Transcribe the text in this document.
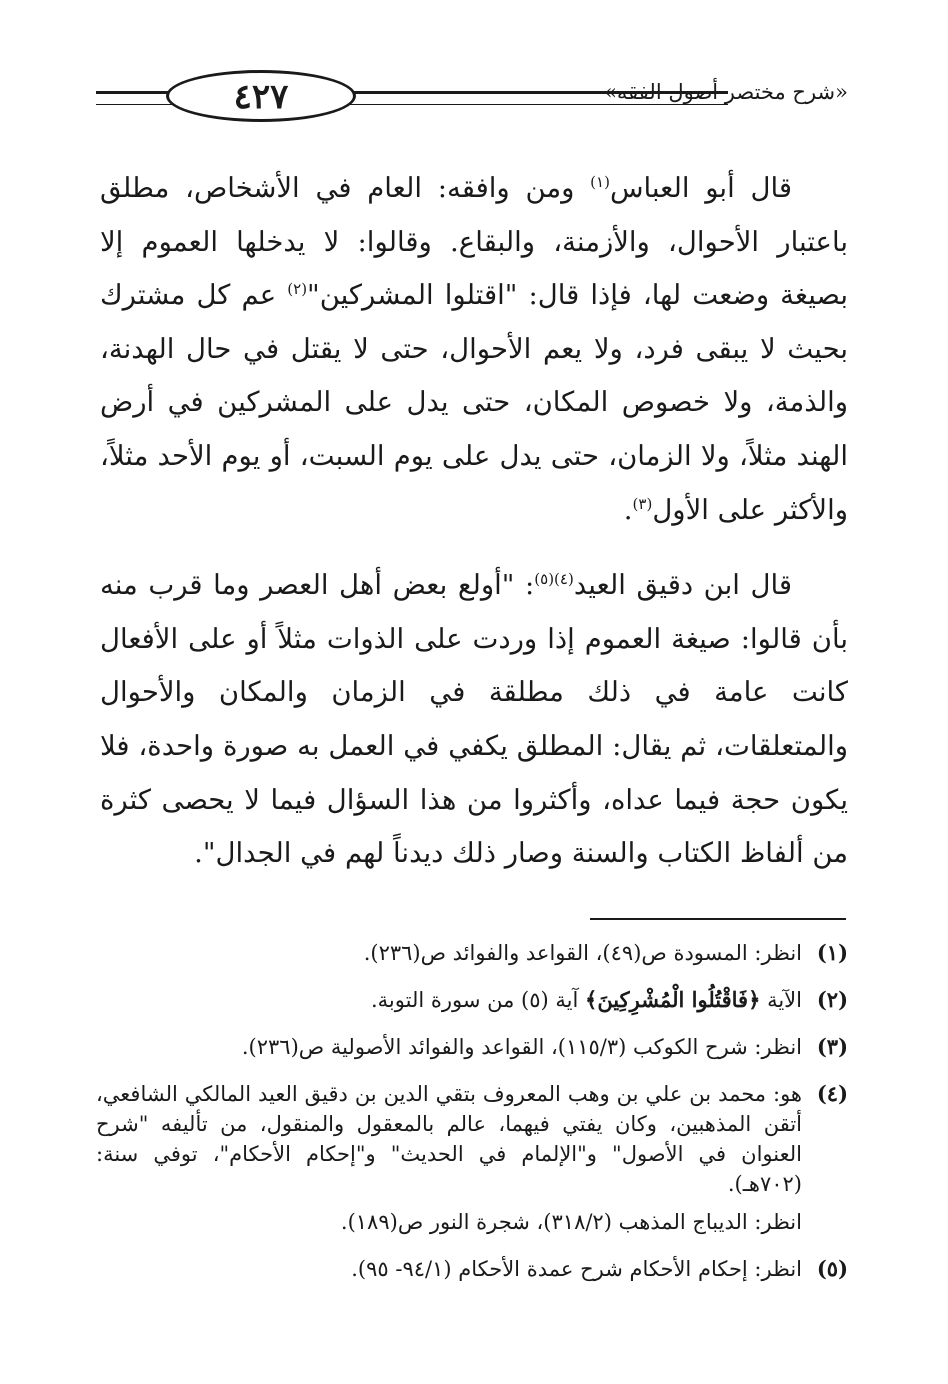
٤٢٧	«شرح مختصر أصول الفقه»

قال أبو العباس$^{(١)}$ ومن وافقه: العام في الأشخاص، مطلق باعتبار الأحوال، والأزمنة، والبقاع. وقالوا: لا يدخلها العموم إلا بصيغة وضعت لها، فإذا قال: "اقتلوا المشركين"$^{(٢)}$ عم كل مشترك بحيث لا يبقى فرد، ولا يعم الأحوال، حتى لا يقتل في حال الهدنة، والذمة، ولا خصوص المكان، حتى يدل على المشركين في أرض الهند مثلاً، ولا الزمان، حتى يدل على يوم السبت، أو يوم الأحد مثلاً، والأكثر على الأول$^{(٣)}$.

قال ابن دقيق العيد$^{(٤)(٥)}$: "أولع بعض أهل العصر وما قرب منه بأن قالوا: صيغة العموم إذا وردت على الذوات مثلاً أو على الأفعال كانت عامة في ذلك مطلقة في الزمان والمكان والأحوال والمتعلقات، ثم يقال: المطلق يكفي في العمل به صورة واحدة، فلا يكون حجة فيما عداه، وأكثروا من هذا السؤال فيما لا يحصى كثرة من ألفاظ الكتاب والسنة وصار ذلك ديدناً لهم في الجدال".

(١)
انظر: المسودة ص(٤٩)، القواعد والفوائد ص(٢٣٦).
(٢)
الآية ﴿فَاقْتُلُوا الْمُشْرِكِينَ﴾ آية (٥) من سورة التوبة.
(٣)
انظر: شرح الكوكب (١١٥/٣)، القواعد والفوائد الأصولية ص(٢٣٦).
(٤)
هو: محمد بن علي بن وهب المعروف بتقي الدين بن دقيق العيد المالكي الشافعي، أتقن المذهبين، وكان يفتي فيهما، عالم بالمعقول والمنقول، من تأليفه "شرح العنوان في الأصول" و"الإلمام في الحديث" و"إحكام الأحكام"، توفي سنة: (٧٠٢هـ).
انظر: الديباج المذهب (٣١٨/٢)، شجرة النور ص(١٨٩).
(٥)
انظر: إحكام الأحكام شرح عمدة الأحكام (٩٤/١- ٩٥).
